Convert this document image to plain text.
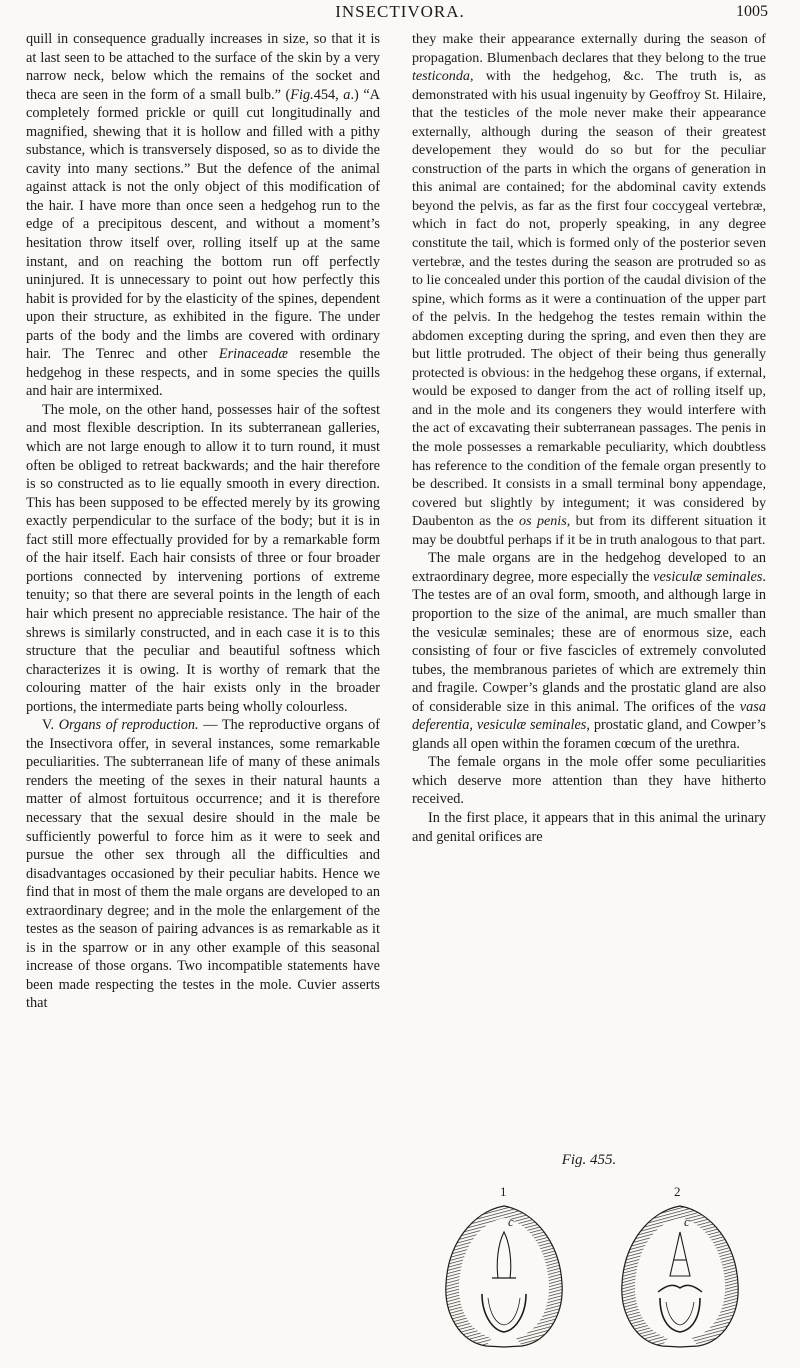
INSECTIVORA.	1005

quill in consequence gradually increases in size, so that it is at last seen to be attached to the surface of the skin by a very narrow neck, below which the remains of the socket and theca are seen in the form of a small bulb.” (Fig.454, a.) “A completely formed prickle or quill cut longitudinally and magnified, shewing that it is hollow and filled with a pithy substance, which is transversely disposed, so as to divide the cavity into many sections.” But the defence of the animal against attack is not the only object of this modification of the hair. I have more than once seen a hedgehog run to the edge of a precipitous descent, and without a moment’s hesitation throw itself over, rolling itself up at the same instant, and on reaching the bottom run off perfectly uninjured. It is unnecessary to point out how perfectly this habit is provided for by the elasticity of the spines, dependent upon their structure, as exhibited in the figure. The under parts of the body and the limbs are covered with ordinary hair. The Tenrec and other Erinaceadæ resemble the hedgehog in these respects, and in some species the quills and hair are intermixed.

The mole, on the other hand, possesses hair of the softest and most flexible description. In its subterranean galleries, which are not large enough to allow it to turn round, it must often be obliged to retreat backwards; and the hair therefore is so constructed as to lie equally smooth in every direction. This has been supposed to be effected merely by its growing exactly perpendicular to the surface of the body; but it is in fact still more effectually provided for by a remarkable form of the hair itself. Each hair consists of three or four broader portions connected by intervening portions of extreme tenuity; so that there are several points in the length of each hair which present no appreciable resistance. The hair of the shrews is similarly constructed, and in each case it is to this structure that the peculiar and beautiful softness which characterizes it is owing. It is worthy of remark that the colouring matter of the hair exists only in the broader portions, the intermediate parts being wholly colourless.

V. Organs of reproduction. — The reproductive organs of the Insectivora offer, in several instances, some remarkable peculiarities. The subterranean life of many of these animals renders the meeting of the sexes in their natural haunts a matter of almost fortuitous occurrence; and it is therefore necessary that the sexual desire should in the male be sufficiently powerful to force him as it were to seek and pursue the other sex through all the difficulties and disadvantages occasioned by their peculiar habits. Hence we find that in most of them the male organs are developed to an extraordinary degree; and in the mole the enlargement of the testes as the season of pairing advances is as remarkable as it is in the sparrow or in any other example of this seasonal increase of those organs. Two incompatible statements have been made respecting the testes in the mole. Cuvier asserts that

they make their appearance externally during the season of propagation. Blumenbach declares that they belong to the true testiconda, with the hedgehog, &c. The truth is, as demonstrated with his usual ingenuity by Geoffroy St. Hilaire, that the testicles of the mole never make their appearance externally, although during the season of their greatest developement they would do so but for the peculiar construction of the parts in which the organs of generation in this animal are contained; for the abdominal cavity extends beyond the pelvis, as far as the first four coccygeal vertebræ, which in fact do not, properly speaking, in any degree constitute the tail, which is formed only of the posterior seven vertebræ, and the testes during the season are protruded so as to lie concealed under this portion of the caudal division of the spine, which forms as it were a continuation of the upper part of the pelvis. In the hedgehog the testes remain within the abdomen excepting during the spring, and even then they are but little protruded. The object of their being thus generally protected is obvious: in the hedgehog these organs, if external, would be exposed to danger from the act of rolling itself up, and in the mole and its congeners they would interfere with the act of excavating their subterranean passages. The penis in the mole possesses a remarkable peculiarity, which doubtless has reference to the condition of the female organ presently to be described. It consists in a small terminal bony appendage, covered but slightly by integument; it was considered by Daubenton as the os penis, but from its different situation it may be doubtful perhaps if it be in truth analogous to that part.

The male organs are in the hedgehog developed to an extraordinary degree, more especially the vesiculæ seminales. The testes are of an oval form, smooth, and although large in proportion to the size of the animal, are much smaller than the vesiculæ seminales; these are of enormous size, each consisting of four or five fascicles of extremely convoluted tubes, the membranous parietes of which are extremely thin and fragile. Cowper’s glands and the prostatic gland are also of considerable size in this animal. The orifices of the vasa deferentia, vesiculæ seminales, prostatic gland, and Cowper’s glands all open within the foramen cœcum of the urethra.

The female organs in the mole offer some peculiarities which deserve more attention than they have hitherto received.

In the first place, it appears that in this animal the urinary and genital orifices are

Fig. 455.
1
c
2
c
